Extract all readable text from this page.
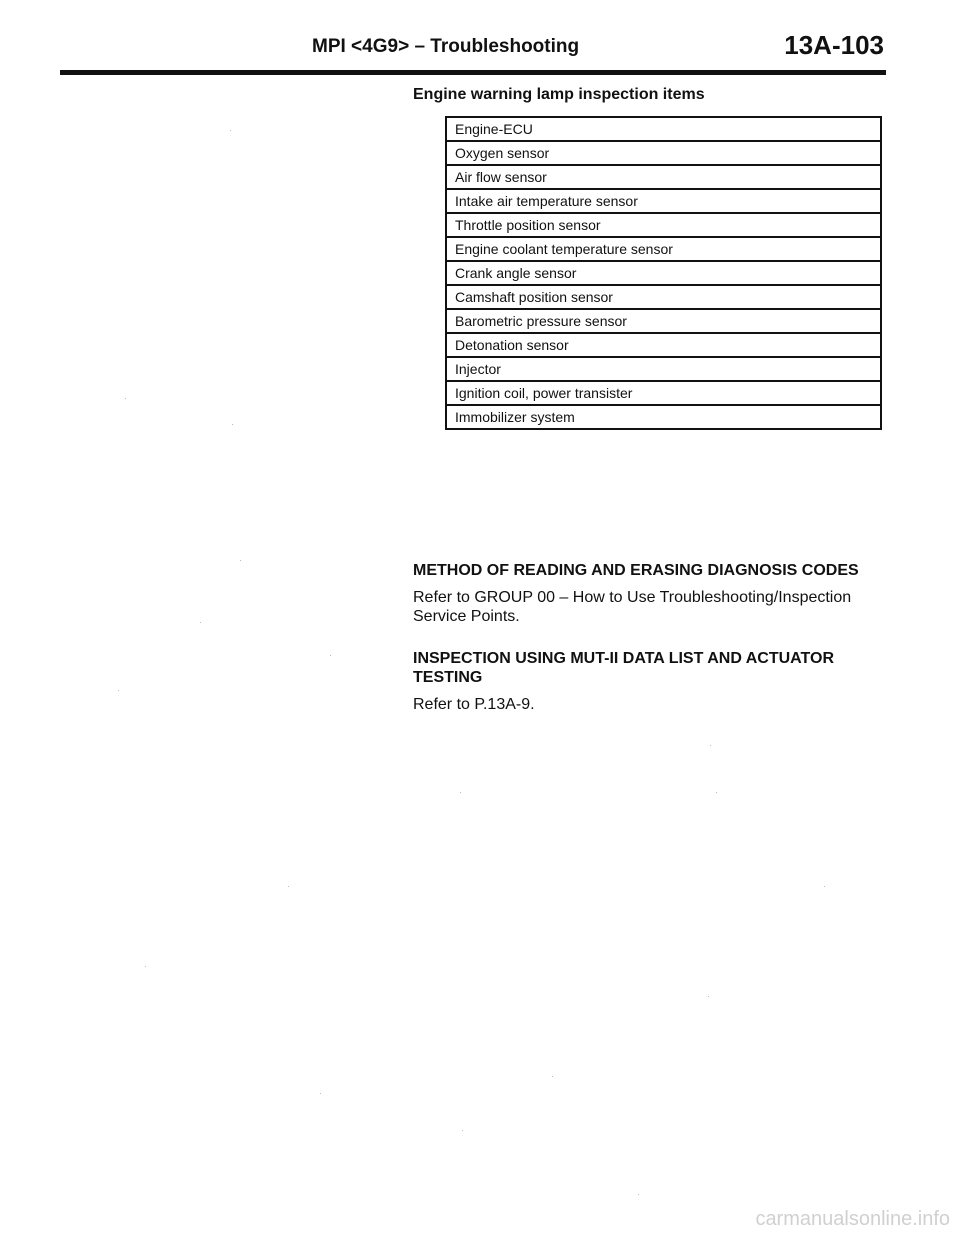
MPI <4G9> – Troubleshooting	13A-103
Engine warning lamp inspection items
Engine-ECU
Oxygen sensor
Air flow sensor
Intake air temperature sensor
Throttle position sensor
Engine coolant temperature sensor
Crank angle sensor
Camshaft position sensor
Barometric pressure sensor
Detonation sensor
Injector
Ignition coil, power transister
Immobilizer system

METHOD OF READING AND ERASING DIAGNOSIS CODES

Refer to GROUP 00 – How to Use Troubleshooting/Inspection Service Points.

INSPECTION USING MUT-II DATA LIST AND ACTUATOR TESTING

Refer to P.13A-9.

carmanualsonline.info
